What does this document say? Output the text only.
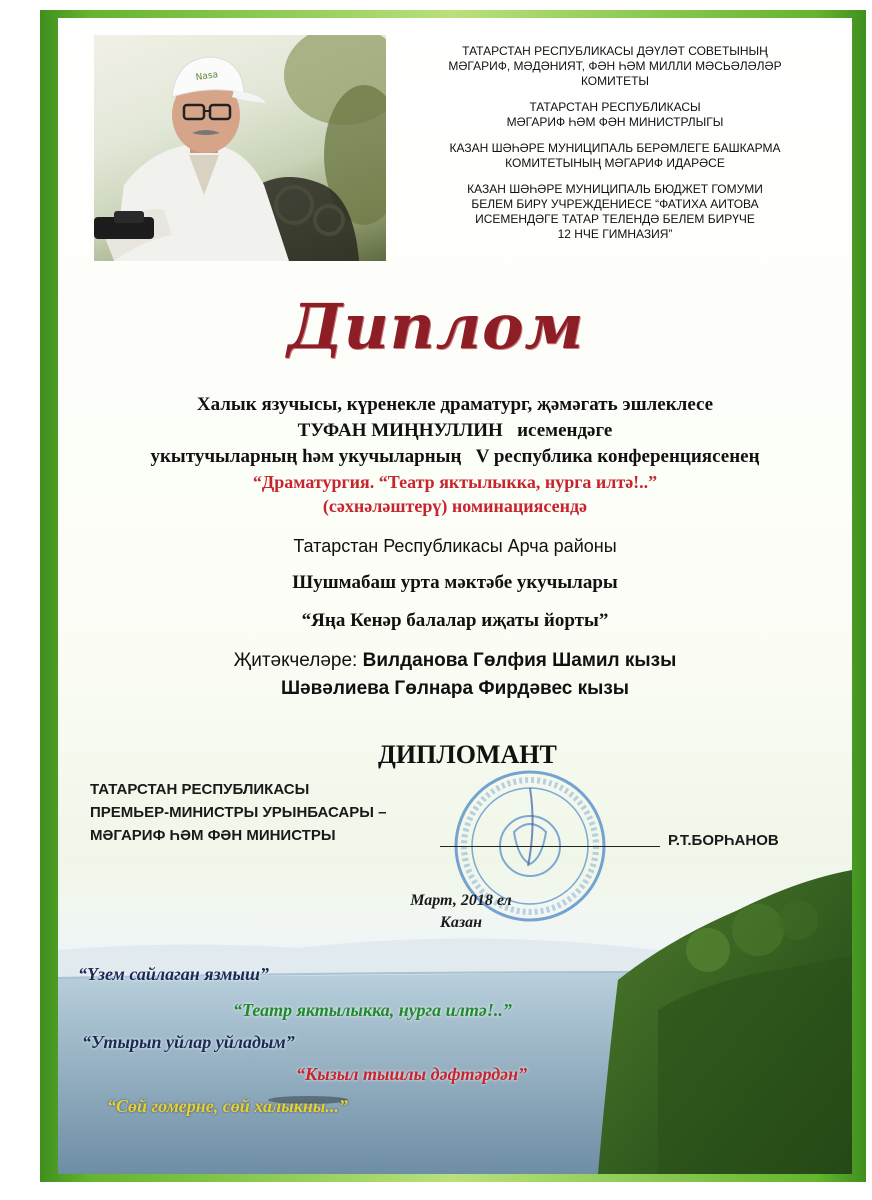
Nasa
ТАТАРСТАН РЕСПУБЛИКАСЫ ДӘҮЛӘТ СОВЕТЫНЫҢ
МӘГАРИФ, МӘДӘНИЯТ, ФӘН ҺӘМ МИЛЛИ МӘСЬӘЛӘЛӘР
КОМИТЕТЫ
ТАТАРСТАН РЕСПУБЛИКАСЫ
МӘГАРИФ ҺӘМ ФӘН МИНИСТРЛЫГЫ
КАЗАН ШӘҺӘРЕ МУНИЦИПАЛЬ БЕРӘМЛЕГЕ БАШКАРМА
КОМИТЕТЫНЫҢ МӘГАРИФ ИДАРӘСЕ
КАЗАН ШӘҺӘРЕ МУНИЦИПАЛЬ БЮДЖЕТ ГОМУМИ
БЕЛЕМ БИРҮ УЧРЕЖДЕНИЕСЕ “ФАТИХА АИТОВА
ИСЕМЕНДӘГЕ ТАТАР ТЕЛЕНДӘ БЕЛЕМ БИРҮЧЕ
12 НЧЕ ГИМНАЗИЯ”
Диплом
Халык язучысы, күренекле драматург, җәмәгать эшлеклесе
ТУФАН МИҢНУЛЛИН   исемендәге
укытучыларның һәм укучыларның   V республика конференциясенең
“Драматургия. “Театр яктылыкка, нурга илтә!..”
(сәхнәләштерү) номинациясендә
Татарстан Республикасы Арча районы
Шушмабаш урта мәктәбе укучылары
“Яңа Кенәр балалар иҗаты йорты”
Җитәкчеләре: Вилданова Гөлфия Шамил кызы
Шәвәлиева Гөлнара Фирдәвес кызы
ДИПЛОМАНТ
ТАТАРСТАН РЕСПУБЛИКАСЫ
ПРЕМЬЕР-МИНИСТРЫ УРЫНБАСАРЫ –
МӘГАРИФ ҺӘМ ФӘН МИНИСТРЫ	Р.Т.БОРҺАНОВ
Март, 2018 ел
Казан
“Үзем сайлаган язмыш”
“Театр яктылыкка, нурга илтә!..”
“Утырып уйлар уйладым”
“Кызыл тышлы дәфтәрдән”
“Сөй гомерне, сөй халыкны...”
